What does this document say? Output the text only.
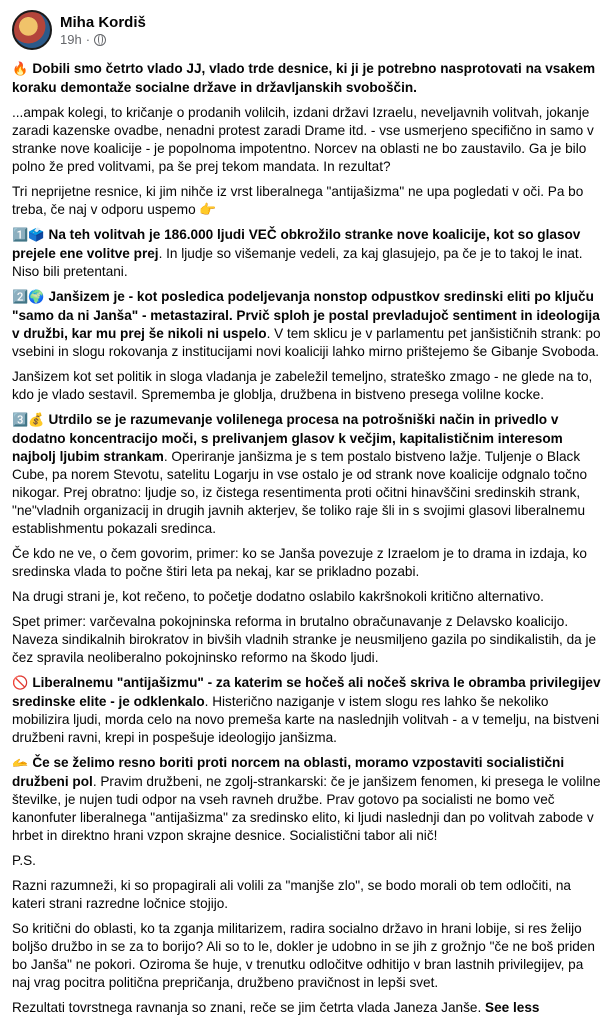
Miha Kordiš
19h ·

🔥 Dobili smo četrto vlado JJ, vlado trde desnice, ki ji je potrebno nasprotovati na vsakem koraku demontaže socialne države in državljanskih svoboščin.

...ampak kolegi, to kričanje o prodanih volilcih, izdani državi Izraelu, neveljavnih volitvah, jokanje zaradi kazenske ovadbe, nenadni protest zaradi Drame itd. - vse usmerjeno specifično in samo v stranke nove koalicije - je popolnoma impotentno. Norcev na oblasti ne bo zaustavilo. Ga je bilo polno že pred volitvami, pa še prej tekom mandata. In rezultat?

Tri neprijetne resnice, ki jim nihče iz vrst liberalnega "antijašizma" ne upa pogledati v oči. Pa bo treba, če naj v odporu uspemo 👉

1️⃣🗳️ Na teh volitvah je 186.000 ljudi VEČ obkrožilo stranke nove koalicije, kot so glasov prejele ene volitve prej. In ljudje so višemanje vedeli, za kaj glasujejo, pa če je to takoj le inat. Niso bili pretentani.

2️⃣🌍 Janšizem je - kot posledica podeljevanja nonstop odpustkov sredinski eliti po ključu "samo da ni Janša" - metastaziral. Prvič sploh je postal prevladujoč sentiment in ideologija v družbi, kar mu prej še nikoli ni uspelo. V tem sklicu je v parlamentu pet janšističnih strank: po vsebini in slogu rokovanja z institucijami novi koaliciji lahko mirno prištejemo še Gibanje Svoboda.

Janšizem kot set politik in sloga vladanja je zabeležil temeljno, strateško zmago - ne glede na to, kdo je vlado sestavil. Sprememba je globlja, družbena in bistveno presega volilne kocke.

3️⃣💰 Utrdilo se je razumevanje volilenega procesa na potrošniški način in privedlo v dodatno koncentracijo moči, s prelivanjem glasov k večjim, kapitalističnim interesom najbolj ljubim strankam. Operiranje janšizma je s tem postalo bistveno lažje. Tuljenje o Black Cube, pa norem Stevotu, satelitu Logarju in vse ostalo je od strank nove koalicije odgnalo točno nikogar. Prej obratno: ljudje so, iz čistega resentimenta proti očitni hinavščini sredinskih strank, "ne"vladnih organizacij in drugih javnih akterjev, še toliko raje šli in s svojimi glasovi liberalnemu establishmentu pokazali sredinca.

Če kdo ne ve, o čem govorim, primer: ko se Janša povezuje z Izraelom je to drama in izdaja, ko sredinska vlada to počne štiri leta pa nekaj, kar se prikladno pozabi.

Na drugi strani je, kot rečeno, to početje dodatno oslabilo kakršnokoli kritično alternativo.

Spet primer: varčevalna pokojninska reforma in brutalno obračunavanje z Delavsko koalicijo. Naveza sindikalnih birokratov in bivših vladnih stranke je neusmiljeno gazila po sindikalistih, da je čez spravila neoliberalno pokojninsko reformo na škodo ljudi.

🚫 Liberalnemu "antijašizmu" - za katerim se hočeš ali nočeš skriva le obramba privilegijev sredinske elite - je odklenkalo. Histerično naziganje v istem slogu res lahko še nekoliko mobilizira ljudi, morda celo na novo premeša karte na naslednjih volitvah - a v temelju, na bistveni družbeni ravni, krepi in pospešuje ideologijo janšizma.

🫴 Če se želimo resno boriti proti norcem na oblasti, moramo vzpostaviti socialistični družbeni pol. Pravim družbeni, ne zgolj-strankarski: če je janšizem fenomen, ki presega le volilne številke, je nujen tudi odpor na vseh ravneh družbe. Prav gotovo pa socialisti ne bomo več kanonfuter liberalnega "antijašizma" za sredinsko elito, ki ljudi naslednji dan po volitvah zabode v hrbet in direktno hrani vzpon skrajne desnice. Socialistični tabor ali nič!

P.S.

Razni razumneži, ki so propagirali ali volili za "manjše zlo", se bodo morali ob tem odločiti, na kateri strani razredne ločnice stojijo.

So kritični do oblasti, ko ta zganja militarizem, radira socialno državo in hrani lobije, si res želijo boljšo družbo in se za to borijo? Ali so to le, dokler je udobno in se jih z grožnjo "če ne boš priden bo Janša" ne pokori. Oziroma še huje, v trenutku odločitve odhitijo v bran lastnih privilegijev, pa naj vrag pocitra politična prepričanja, družbeno pravičnost in lepši svet.

Rezultati tovrstnega ravnanja so znani, reče se jim četrta vlada Janeza Janše. See less
